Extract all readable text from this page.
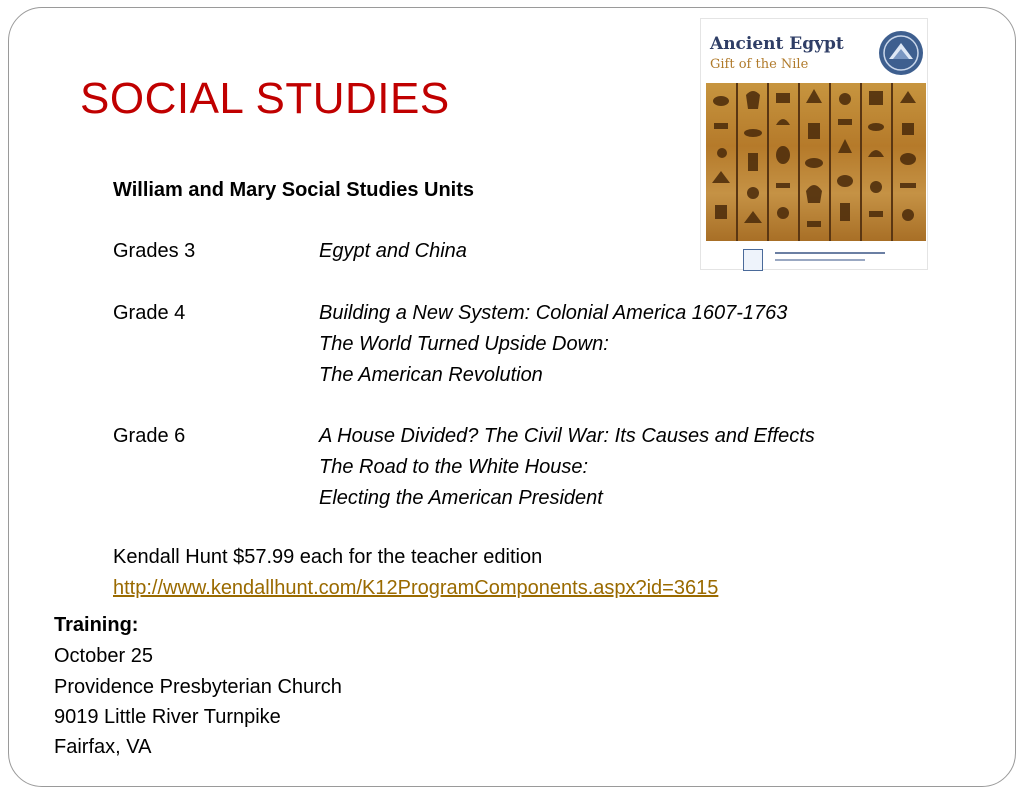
SOCIAL STUDIES
William and Mary Social Studies Units
Grades 3	Egypt and China
Grade 4	Building a New System: Colonial America 1607-1763
The World Turned Upside Down:
The American Revolution
Grade 6	A House Divided? The Civil War: Its Causes and Effects
The Road to the White House:
Electing the American President
Kendall Hunt $57.99 each for the teacher edition
http://www.kendallhunt.com/K12ProgramComponents.aspx?id=3615
Training:
October 25
Providence Presbyterian Church
9019 Little River Turnpike
Fairfax, VA
Ancient Egypt
Gift of the Nile
